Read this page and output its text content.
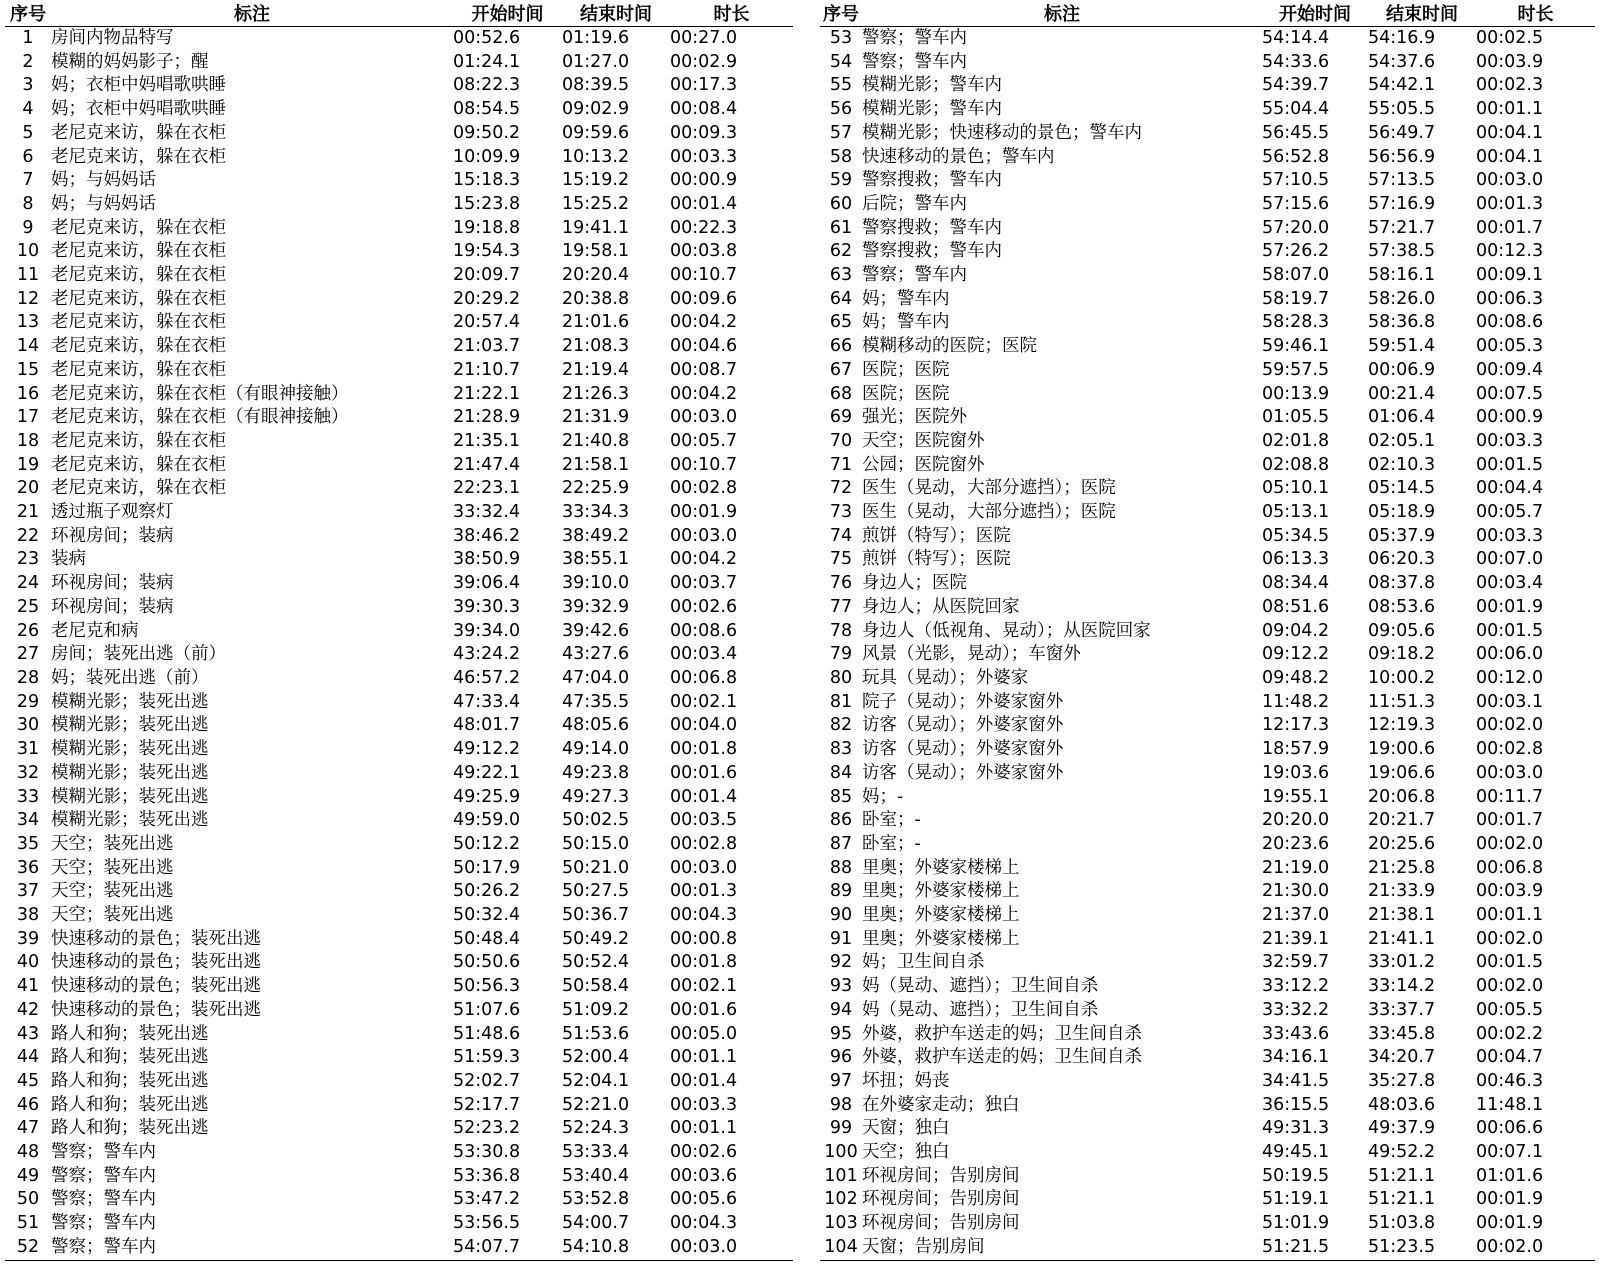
序号	标注	开始时间	结束时间	时长
1	房间内物品特写	00:52.6	01:19.6	00:27.0
2	模糊的妈妈影子；醒	01:24.1	01:27.0	00:02.9
3	妈；衣柜中妈唱歌哄睡	08:22.3	08:39.5	00:17.3
4	妈；衣柜中妈唱歌哄睡	08:54.5	09:02.9	00:08.4
5	老尼克来访，躲在衣柜	09:50.2	09:59.6	00:09.3
6	老尼克来访，躲在衣柜	10:09.9	10:13.2	00:03.3
7	妈；与妈妈话	15:18.3	15:19.2	00:00.9
8	妈；与妈妈话	15:23.8	15:25.2	00:01.4
9	老尼克来访，躲在衣柜	19:18.8	19:41.1	00:22.3
10	老尼克来访，躲在衣柜	19:54.3	19:58.1	00:03.8
11	老尼克来访，躲在衣柜	20:09.7	20:20.4	00:10.7
12	老尼克来访，躲在衣柜	20:29.2	20:38.8	00:09.6
13	老尼克来访，躲在衣柜	20:57.4	21:01.6	00:04.2
14	老尼克来访，躲在衣柜	21:03.7	21:08.3	00:04.6
15	老尼克来访，躲在衣柜	21:10.7	21:19.4	00:08.7
16	老尼克来访，躲在衣柜（有眼神接触）	21:22.1	21:26.3	00:04.2
17	老尼克来访，躲在衣柜（有眼神接触）	21:28.9	21:31.9	00:03.0
18	老尼克来访，躲在衣柜	21:35.1	21:40.8	00:05.7
19	老尼克来访，躲在衣柜	21:47.4	21:58.1	00:10.7
20	老尼克来访，躲在衣柜	22:23.1	22:25.9	00:02.8
21	透过瓶子观察灯	33:32.4	33:34.3	00:01.9
22	环视房间；装病	38:46.2	38:49.2	00:03.0
23	装病	38:50.9	38:55.1	00:04.2
24	环视房间；装病	39:06.4	39:10.0	00:03.7
25	环视房间；装病	39:30.3	39:32.9	00:02.6
26	老尼克和病	39:34.0	39:42.6	00:08.6
27	房间；装死出逃（前）	43:24.2	43:27.6	00:03.4
28	妈；装死出逃（前）	46:57.2	47:04.0	00:06.8
29	模糊光影；装死出逃	47:33.4	47:35.5	00:02.1
30	模糊光影；装死出逃	48:01.7	48:05.6	00:04.0
31	模糊光影；装死出逃	49:12.2	49:14.0	00:01.8
32	模糊光影；装死出逃	49:22.1	49:23.8	00:01.6
33	模糊光影；装死出逃	49:25.9	49:27.3	00:01.4
34	模糊光影；装死出逃	49:59.0	50:02.5	00:03.5
35	天空；装死出逃	50:12.2	50:15.0	00:02.8
36	天空；装死出逃	50:17.9	50:21.0	00:03.0
37	天空；装死出逃	50:26.2	50:27.5	00:01.3
38	天空；装死出逃	50:32.4	50:36.7	00:04.3
39	快速移动的景色；装死出逃	50:48.4	50:49.2	00:00.8
40	快速移动的景色；装死出逃	50:50.6	50:52.4	00:01.8
41	快速移动的景色；装死出逃	50:56.3	50:58.4	00:02.1
42	快速移动的景色；装死出逃	51:07.6	51:09.2	00:01.6
43	路人和狗；装死出逃	51:48.6	51:53.6	00:05.0
44	路人和狗；装死出逃	51:59.3	52:00.4	00:01.1
45	路人和狗；装死出逃	52:02.7	52:04.1	00:01.4
46	路人和狗；装死出逃	52:17.7	52:21.0	00:03.3
47	路人和狗；装死出逃	52:23.2	52:24.3	00:01.1
48	警察；警车内	53:30.8	53:33.4	00:02.6
49	警察；警车内	53:36.8	53:40.4	00:03.6
50	警察；警车内	53:47.2	53:52.8	00:05.6
51	警察；警车内	53:56.5	54:00.7	00:04.3
52	警察；警车内	54:07.7	54:10.8	00:03.0
序号	标注	开始时间	结束时间	时长
53	警察；警车内	54:14.4	54:16.9	00:02.5
54	警察；警车内	54:33.6	54:37.6	00:03.9
55	模糊光影；警车内	54:39.7	54:42.1	00:02.3
56	模糊光影；警车内	55:04.4	55:05.5	00:01.1
57	模糊光影；快速移动的景色；警车内	56:45.5	56:49.7	00:04.1
58	快速移动的景色；警车内	56:52.8	56:56.9	00:04.1
59	警察搜救；警车内	57:10.5	57:13.5	00:03.0
60	后院；警车内	57:15.6	57:16.9	00:01.3
61	警察搜救；警车内	57:20.0	57:21.7	00:01.7
62	警察搜救；警车内	57:26.2	57:38.5	00:12.3
63	警察；警车内	58:07.0	58:16.1	00:09.1
64	妈；警车内	58:19.7	58:26.0	00:06.3
65	妈；警车内	58:28.3	58:36.8	00:08.6
66	模糊移动的医院；医院	59:46.1	59:51.4	00:05.3
67	医院；医院	59:57.5	00:06.9	00:09.4
68	医院；医院	00:13.9	00:21.4	00:07.5
69	强光；医院外	01:05.5	01:06.4	00:00.9
70	天空；医院窗外	02:01.8	02:05.1	00:03.3
71	公园；医院窗外	02:08.8	02:10.3	00:01.5
72	医生（晃动，大部分遮挡）；医院	05:10.1	05:14.5	00:04.4
73	医生（晃动，大部分遮挡）；医院	05:13.1	05:18.9	00:05.7
74	煎饼（特写）；医院	05:34.5	05:37.9	00:03.3
75	煎饼（特写）；医院	06:13.3	06:20.3	00:07.0
76	身边人；医院	08:34.4	08:37.8	00:03.4
77	身边人；从医院回家	08:51.6	08:53.6	00:01.9
78	身边人（低视角、晃动）；从医院回家	09:04.2	09:05.6	00:01.5
79	风景（光影，晃动）；车窗外	09:12.2	09:18.2	00:06.0
80	玩具（晃动）；外婆家	09:48.2	10:00.2	00:12.0
81	院子（晃动）；外婆家窗外	11:48.2	11:51.3	00:03.1
82	访客（晃动）；外婆家窗外	12:17.3	12:19.3	00:02.0
83	访客（晃动）；外婆家窗外	18:57.9	19:00.6	00:02.8
84	访客（晃动）；外婆家窗外	19:03.6	19:06.6	00:03.0
85	妈；-	19:55.1	20:06.8	00:11.7
86	卧室；-	20:20.0	20:21.7	00:01.7
87	卧室；-	20:23.6	20:25.6	00:02.0
88	里奥；外婆家楼梯上	21:19.0	21:25.8	00:06.8
89	里奥；外婆家楼梯上	21:30.0	21:33.9	00:03.9
90	里奥；外婆家楼梯上	21:37.0	21:38.1	00:01.1
91	里奥；外婆家楼梯上	21:39.1	21:41.1	00:02.0
92	妈；卫生间自杀	32:59.7	33:01.2	00:01.5
93	妈（晃动、遮挡）；卫生间自杀	33:12.2	33:14.2	00:02.0
94	妈（晃动、遮挡）；卫生间自杀	33:32.2	33:37.7	00:05.5
95	外婆，救护车送走的妈；卫生间自杀	33:43.6	33:45.8	00:02.2
96	外婆，救护车送走的妈；卫生间自杀	34:16.1	34:20.7	00:04.7
97	坏扭；妈丧	34:41.5	35:27.8	00:46.3
98	在外婆家走动；独白	36:15.5	48:03.6	11:48.1
99	天窗；独白	49:31.3	49:37.9	00:06.6
100	天空；独白	49:45.1	49:52.2	00:07.1
101	环视房间；告别房间	50:19.5	51:21.1	01:01.6
102	环视房间；告别房间	51:19.1	51:21.1	00:01.9
103	环视房间；告别房间	51:01.9	51:03.8	00:01.9
104	天窗；告别房间	51:21.5	51:23.5	00:02.0
